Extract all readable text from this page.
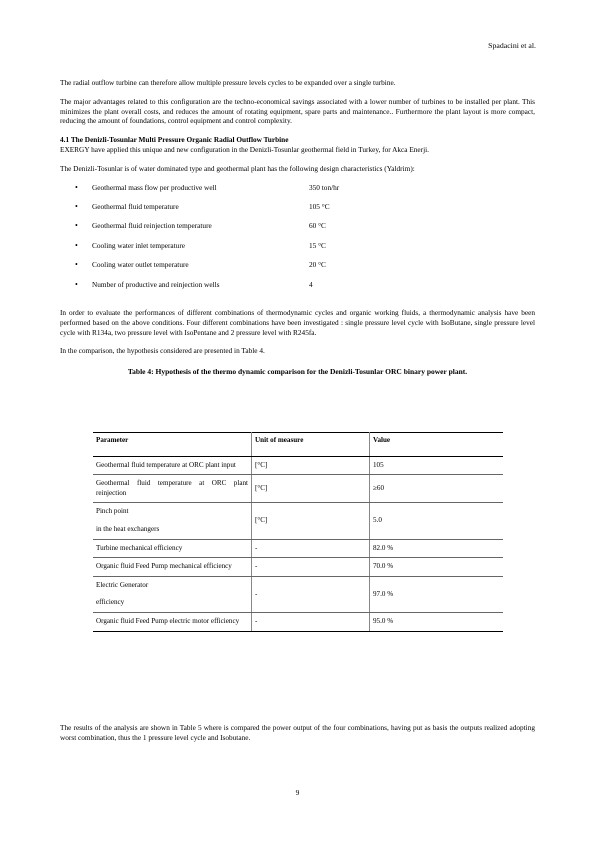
Spadacini et al.

The radial outflow turbine can therefore allow multiple pressure levels cycles to be expanded over a single turbine.

The major advantages related to this configuration are the techno-economical savings associated with a lower number of turbines to be installed per plant. This minimizes the plant overall costs, and reduces the amount of rotating equipment, spare parts and maintenance.. Furthermore the plant layout is more compact, reducing the amount of foundations, control equipment and control complexity.

4.1 The Denizli-Tosunlar Multi Pressure Organic Radial Outflow Turbine

EXERGY have applied this unique and new configuration in the Denizli-Tosunlar geothermal field in Turkey, for Akca Enerji.

The Denizli-Tosunlar is of water dominated type and geothermal plant has the following design characteristics (Yaldrim):

•	Geothermal mass flow per productive well	350 ton/hr
•	Geothermal fluid temperature	105 °C
•	Geothermal fluid reinjection temperature	60 °C
•	Cooling water inlet temperature	15 °C
•	Cooling water outlet temperature	20 °C
•	Number of productive and reinjection wells	4

In order to evaluate the performances of different combinations of thermodynamic cycles and organic working fluids, a thermodynamic analysis have been performed based on the above conditions. Four different combinations have been investigated : single pressure level cycle with IsoButane, single pressure level cycle with R134a, two pressure level with IsoPentane and 2 pressure level with R245fa.

In the comparison, the hypothesis considered are presented in Table 4.

Table 4: Hypothesis of the thermo dynamic comparison for the Denizli-Tosunlar ORC binary power plant.

Parameter	Unit of measure	Value
Geothermal fluid temperature at ORC plant input	[°C]	105
Geothermal fluid temperature at ORC plant reinjection	[°C]	≥60

Pinch point
in the heat exchangers	[°C]	5.0
Turbine mechanical efficiency	-	82.0 %
Organic fluid Feed Pump mechanical efficiency	-	70.0 %

Electric Generator
efficiency	-	97.0 %
Organic fluid Feed Pump electric motor efficiency	-	95.0 %

The results of the analysis are shown in Table 5 where is compared the power output of the four combinations, having put as basis the outputs realized adopting worst combination, thus the 1 pressure level cycle and Isobutane.

9
